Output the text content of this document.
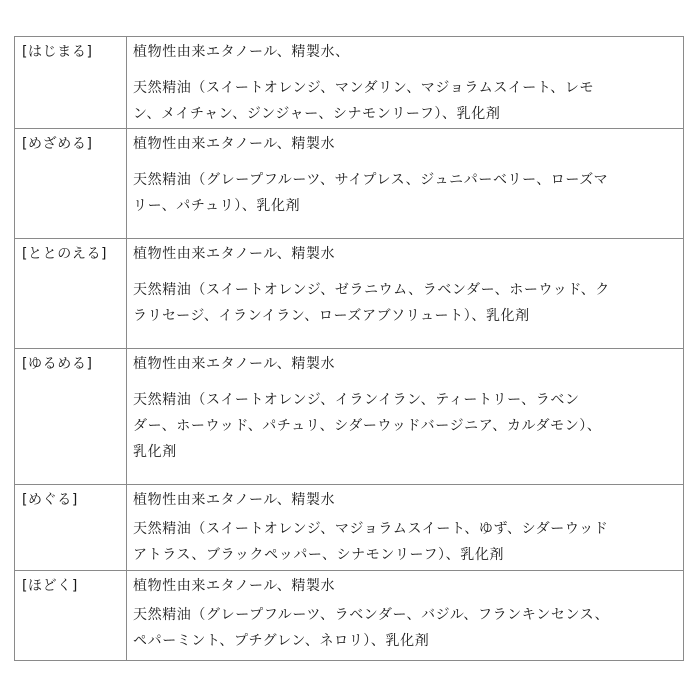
[はじまる]	植物性由来エタノール、精製水、
天然精油（スイートオレンジ、マンダリン、マジョラムスイート、レモ
ン、メイチャン、ジンジャー、シナモンリーフ）、乳化剤

[めざめる]	植物性由来エタノール、精製水
天然精油（グレープフルーツ、サイプレス、ジュニパーベリー、ローズマ
リー、パチュリ）、乳化剤

[ととのえる]	植物性由来エタノール、精製水
天然精油（スイートオレンジ、ゼラニウム、ラベンダー、ホーウッド、ク
ラリセージ、イランイラン、ローズアブソリュート）、乳化剤

[ゆるめる]	植物性由来エタノール、精製水
天然精油（スイートオレンジ、イランイラン、ティートリー、ラベン
ダー、ホーウッド、パチュリ、シダーウッドバージニア、カルダモン）、
乳化剤

[めぐる]	植物性由来エタノール、精製水
天然精油（スイートオレンジ、マジョラムスイート、ゆず、シダーウッド
アトラス、ブラックペッパー、シナモンリーフ）、乳化剤

[ほどく]	植物性由来エタノール、精製水
天然精油（グレープフルーツ、ラベンダー、バジル、フランキンセンス、
ペパーミント、プチグレン、ネロリ）、乳化剤
